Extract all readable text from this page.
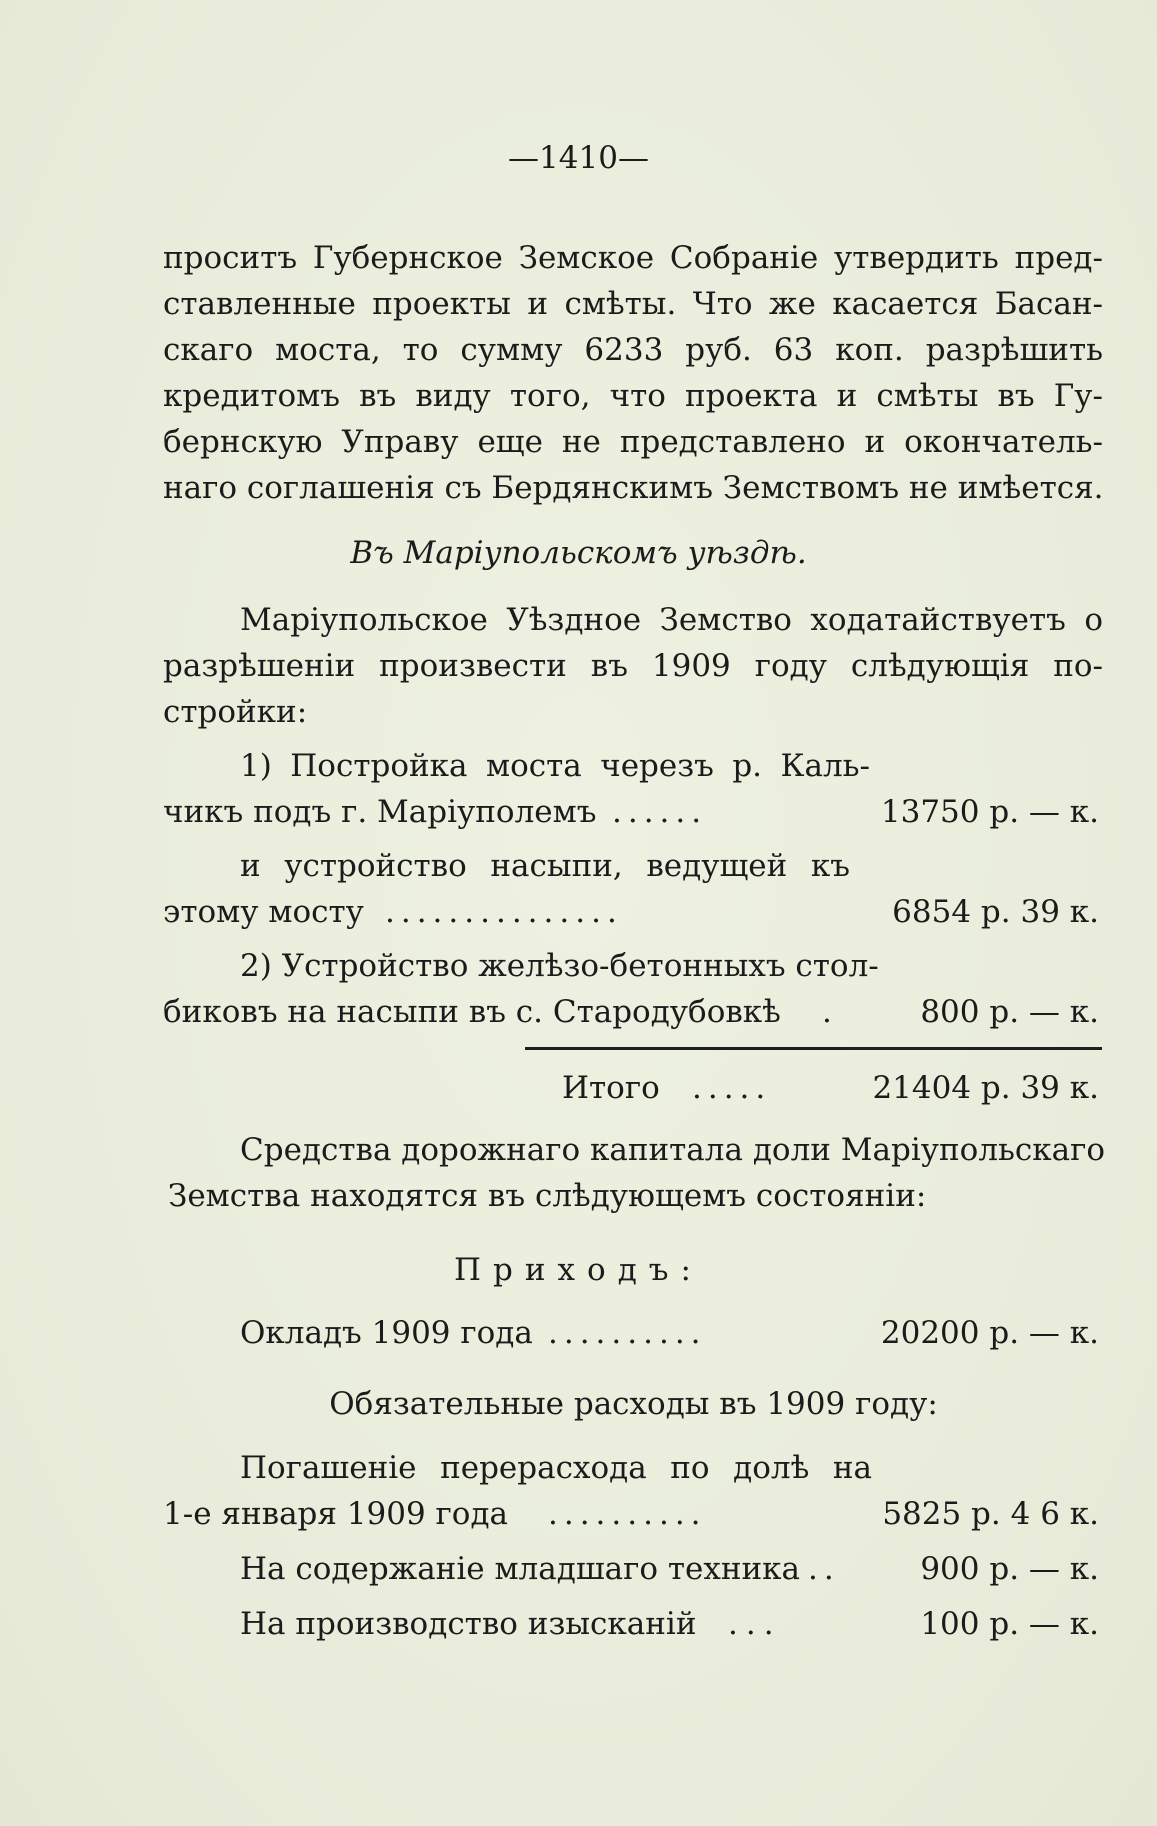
—1410—
проситъ Губернское Земское Собраніе утвердить пред-
ставленные проекты и смѣты. Что же касается Басан-
скаго моста, то сумму 6233 руб. 63 коп. разрѣшить
кредитомъ въ виду того, что проекта и смѣты въ Гу-
бернскую Управу еще не представлено и окончатель-
наго соглашенія съ Бердянскимъ Земствомъ не имѣется.
Въ Маріупольскомъ уѣздѣ.
Маріупольское Уѣздное Земство ходатайствуетъ о
разрѣшеніи произвести въ 1909 году слѣдующія по-
стройки:
1) Постройка моста черезъ р. Каль-
чикъ подъ г. Маріуполемъ ......	13750 р. — к.
и устройство насыпи, ведущей къ
этому мосту ...............	6854 р. 39 к.
2) Устройство желѣзо-бетонныхъ стол-
биковъ на насыпи въ с. Стародубовкѣ .	800 р. — к.
Итого .....	21404 р. 39 к.
Средства дорожнаго капитала доли Маріупольскаго
Земства находятся въ слѣдующемъ состояніи:
Приходъ:
Окладъ 1909 года ..........	20200 р. — к.
Обязательные расходы въ 1909 году:
Погашеніе перерасхода по долѣ на
1-е января 1909 года ..........	5825 р. 4 6 к.
На содержаніе младшаго техника ..	900 р. — к.
На производство изысканій ...	100 р. — к.
